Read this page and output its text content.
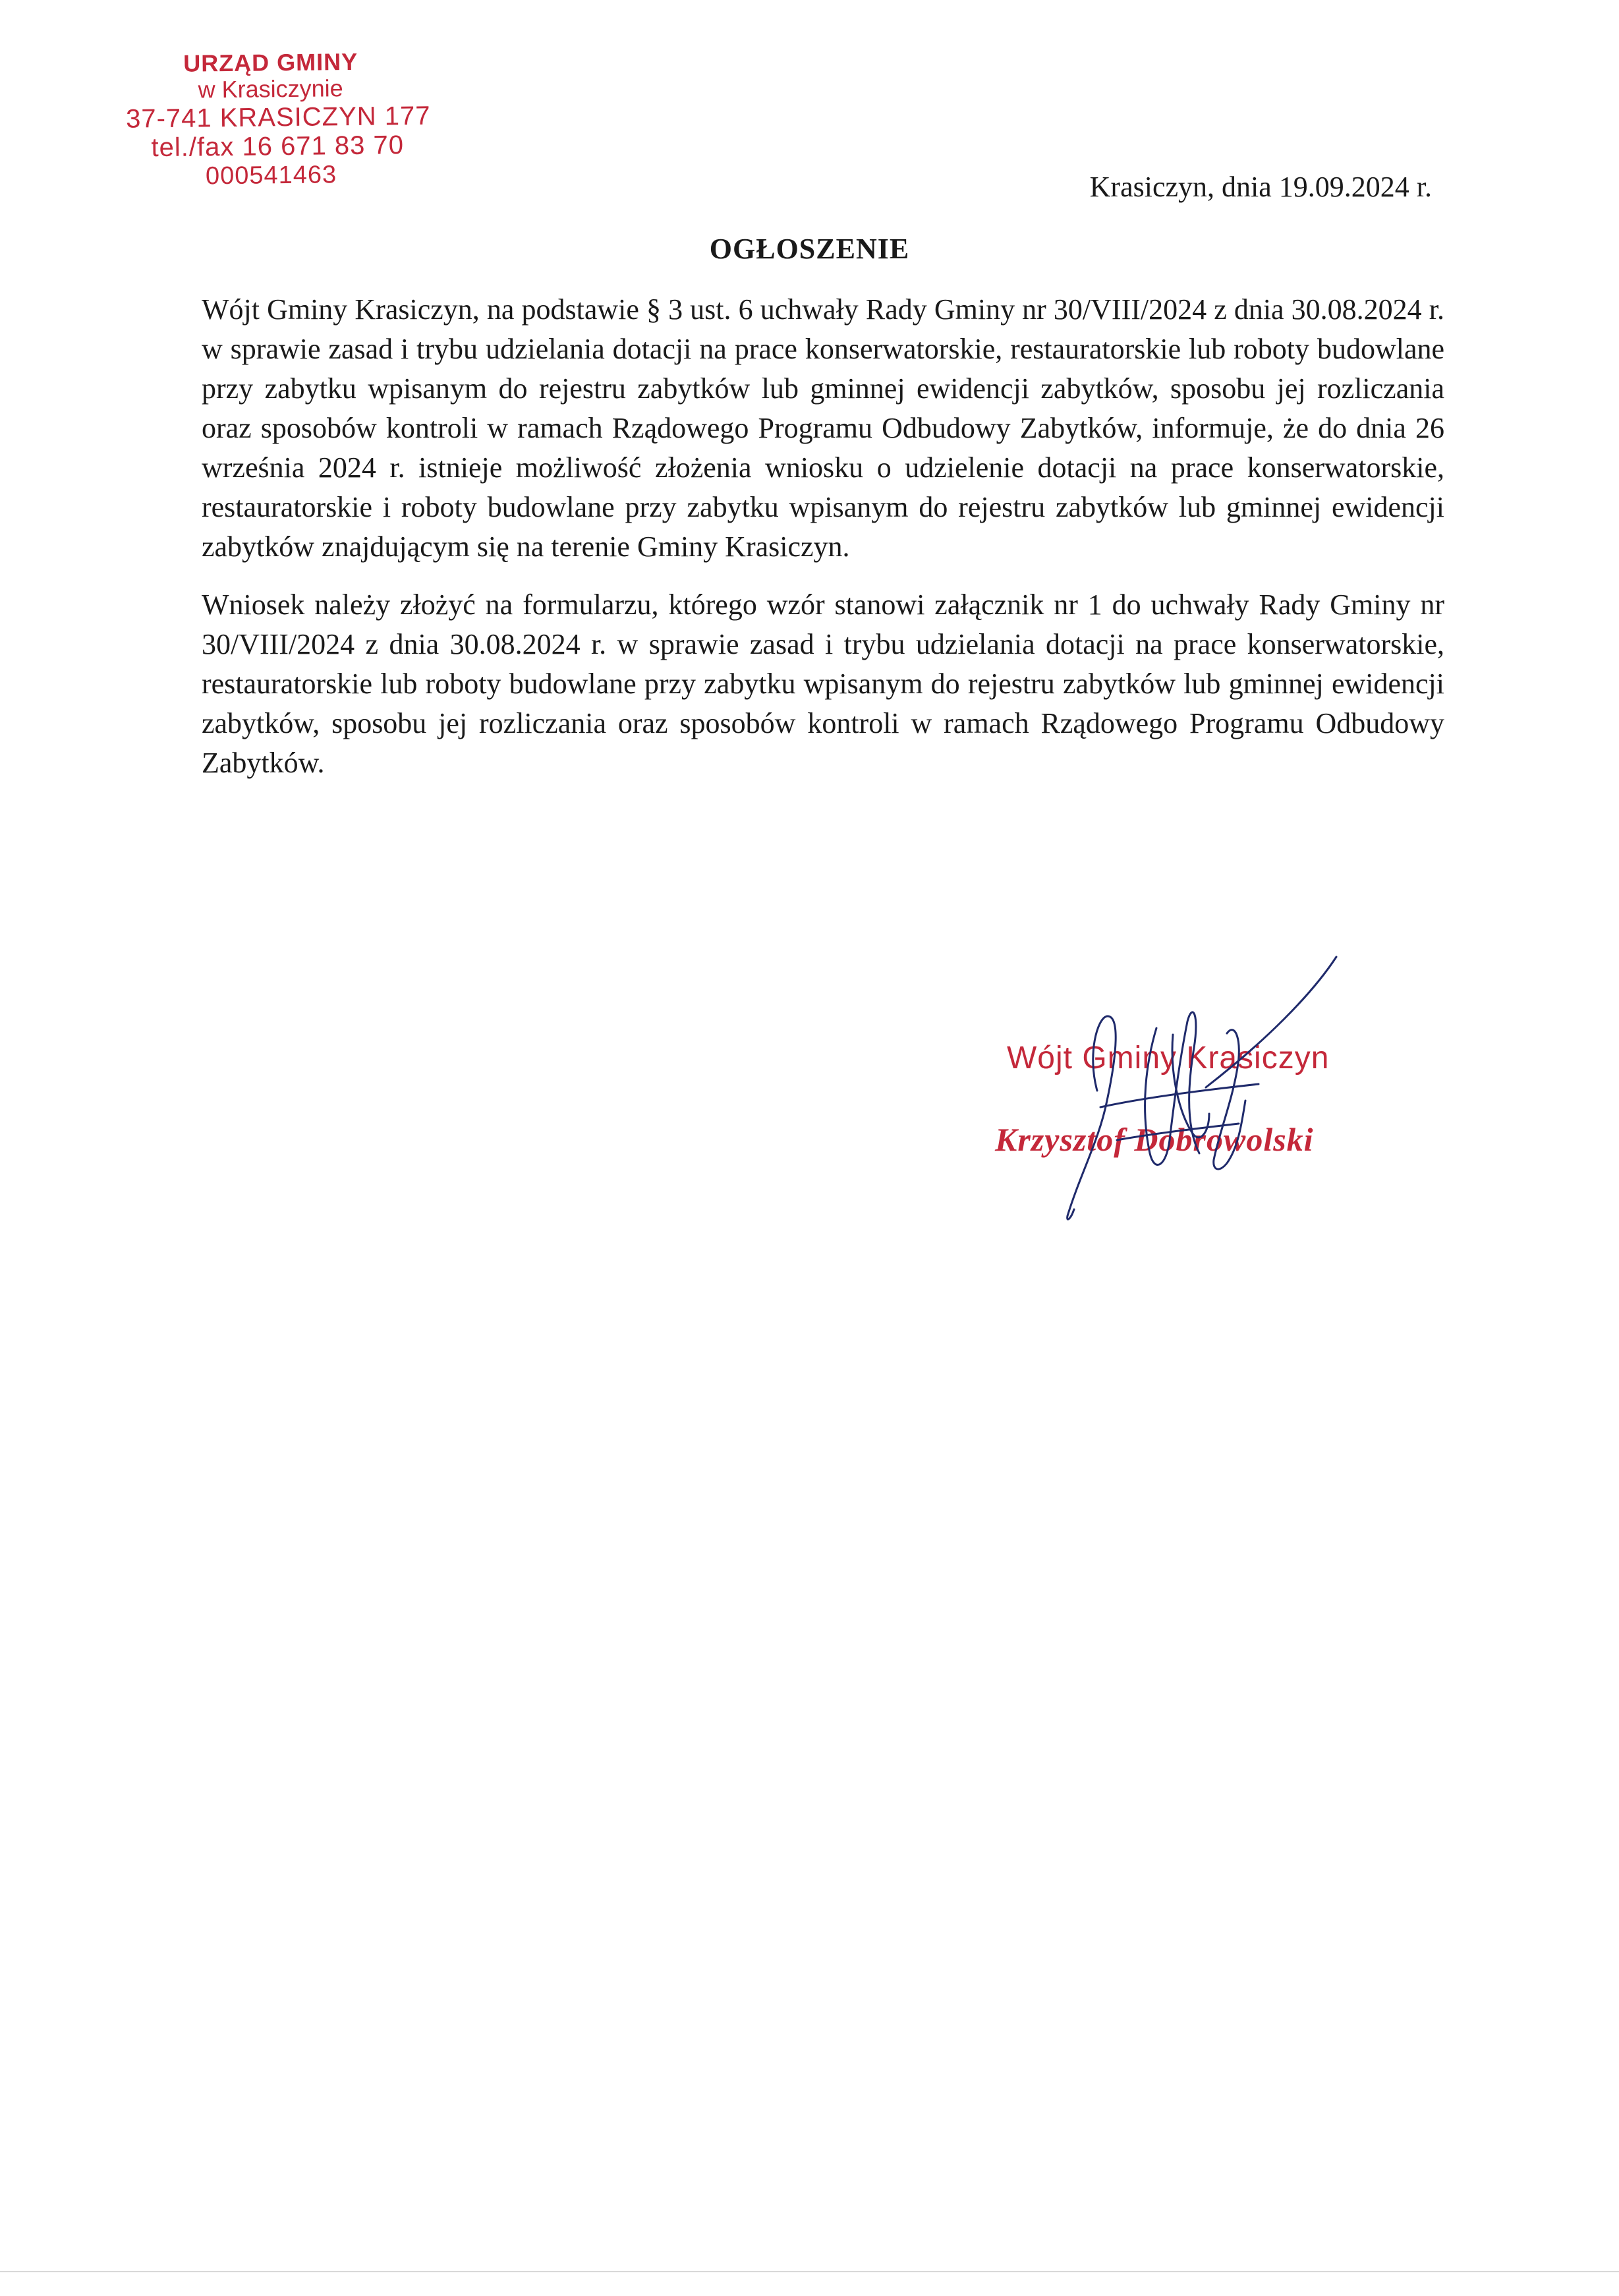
URZĄD GMINY
w Krasiczynie
37-741 KRASICZYN 177
tel./fax 16 671 83 70
000541463	Krasiczyn, dnia 19.09.2024 r.
OGŁOSZENIE

Wójt Gminy Krasiczyn, na podstawie § 3 ust. 6 uchwały Rady Gminy nr 30/VIII/2024 z dnia 30.08.2024 r. w sprawie zasad i trybu udzielania dotacji na prace konserwatorskie, restauratorskie lub roboty budowlane przy zabytku wpisanym do rejestru zabytków lub gminnej ewidencji zabytków, sposobu jej rozliczania oraz sposobów kontroli w ramach Rządowego Programu Odbudowy Zabytków, informuje, że do dnia 26 września 2024 r. istnieje możliwość złożenia wniosku o udzielenie dotacji na prace konserwatorskie, restauratorskie i roboty budowlane przy zabytku wpisanym do rejestru zabytków lub gminnej ewidencji zabytków znajdującym się na terenie Gminy Krasiczyn.

Wniosek należy złożyć na formularzu, którego wzór stanowi załącznik nr 1 do uchwały Rady Gminy nr 30/VIII/2024 z dnia 30.08.2024 r. w sprawie zasad i trybu udzielania dotacji na prace konserwatorskie, restauratorskie lub roboty budowlane przy zabytku wpisanym do rejestru zabytków lub gminnej ewidencji zabytków, sposobu jej rozliczania oraz sposobów kontroli w ramach Rządowego Programu Odbudowy Zabytków.

Wójt Gminy Krasiczyn
Krzysztof Dobrowolski
